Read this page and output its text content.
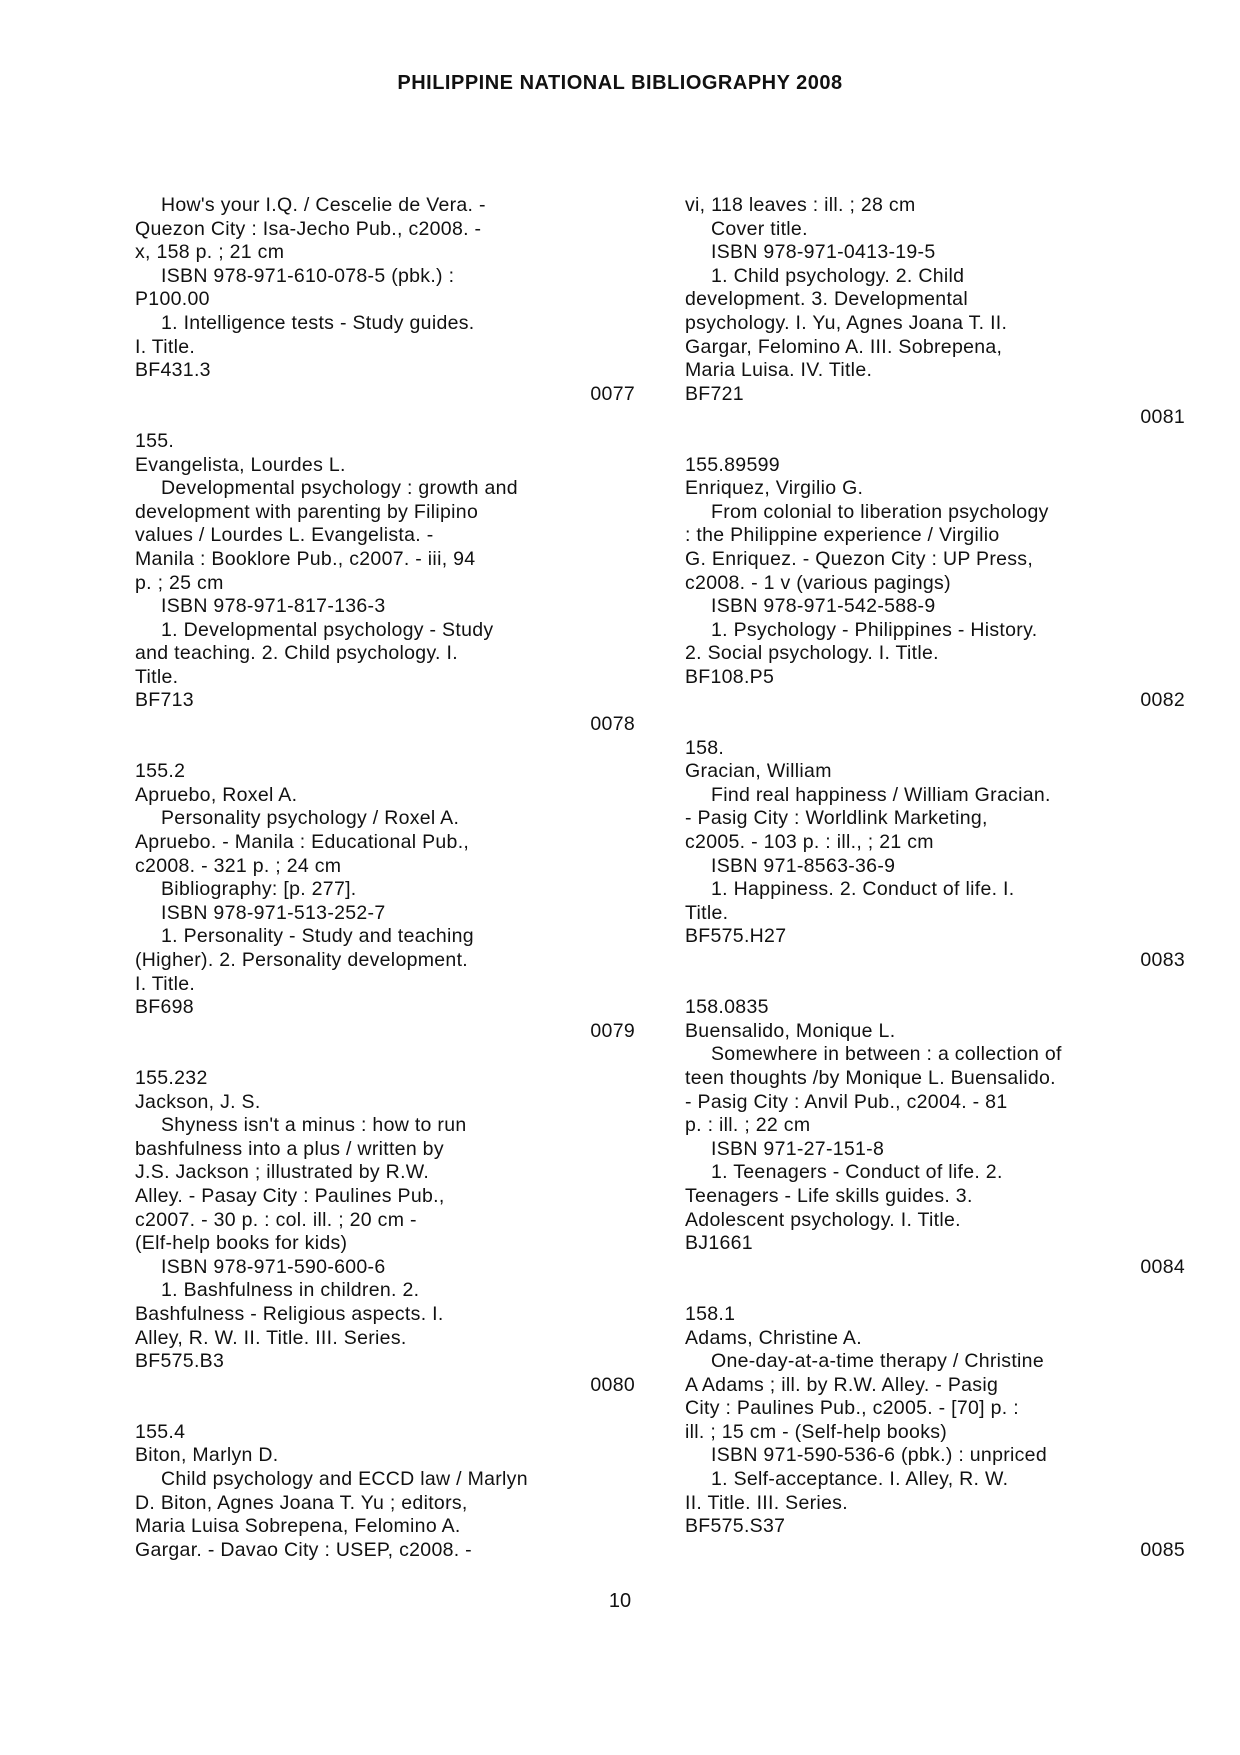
PHILIPPINE NATIONAL BIBLIOGRAPHY 2008
How's your I.Q. / Cescelie de Vera. -
Quezon City : Isa-Jecho Pub., c2008. -
x, 158 p. ; 21 cm
ISBN 978-971-610-078-5 (pbk.) :
P100.00
1. Intelligence tests - Study guides.
I. Title.
BF431.3
0077
155.
Evangelista, Lourdes L.
Developmental psychology : growth and
development with parenting by Filipino
values / Lourdes L. Evangelista. -
Manila : Booklore Pub., c2007. - iii, 94
p. ; 25 cm
ISBN 978-971-817-136-3
1. Developmental psychology - Study
and teaching. 2. Child psychology. I.
Title.
BF713
0078
155.2
Apruebo, Roxel A.
Personality psychology / Roxel A.
Apruebo. - Manila : Educational Pub.,
c2008. - 321 p. ; 24 cm
Bibliography: [p. 277].
ISBN 978-971-513-252-7
1. Personality - Study and teaching
(Higher). 2. Personality development.
I. Title.
BF698
0079
155.232
Jackson, J. S.
Shyness isn't a minus : how to run
bashfulness into a plus / written by
J.S. Jackson ; illustrated by R.W.
Alley. - Pasay City : Paulines Pub.,
c2007. - 30 p. : col. ill. ; 20 cm -
(Elf-help books for kids)
ISBN 978-971-590-600-6
1. Bashfulness in children. 2.
Bashfulness - Religious aspects. I.
Alley, R. W. II. Title. III. Series.
BF575.B3
0080
155.4
Biton, Marlyn D.
Child psychology and ECCD law / Marlyn
D. Biton, Agnes Joana T. Yu ; editors,
Maria Luisa Sobrepena, Felomino A.
Gargar. - Davao City : USEP, c2008. -
vi, 118 leaves : ill. ; 28 cm
Cover title.
ISBN 978-971-0413-19-5
1. Child psychology. 2. Child
development. 3. Developmental
psychology. I. Yu, Agnes Joana T. II.
Gargar, Felomino A. III. Sobrepena,
Maria Luisa. IV. Title.
BF721
0081
155.89599
Enriquez, Virgilio G.
From colonial to liberation psychology
: the Philippine experience / Virgilio
G. Enriquez. - Quezon City : UP Press,
c2008. - 1 v (various pagings)
ISBN 978-971-542-588-9
1. Psychology - Philippines - History.
2. Social psychology. I. Title.
BF108.P5
0082
158.
Gracian, William
Find real happiness / William Gracian.
- Pasig City : Worldlink Marketing,
c2005. - 103 p. : ill., ; 21 cm
ISBN 971-8563-36-9
1. Happiness. 2. Conduct of life. I.
Title.
BF575.H27
0083
158.0835
Buensalido, Monique L.
Somewhere in between : a collection of
teen thoughts /by Monique L. Buensalido.
- Pasig City : Anvil Pub., c2004. - 81
p. : ill. ; 22 cm
ISBN 971-27-151-8
1. Teenagers - Conduct of life. 2.
Teenagers - Life skills guides. 3.
Adolescent psychology. I. Title.
BJ1661
0084
158.1
Adams, Christine A.
One-day-at-a-time therapy / Christine
A Adams ; ill. by R.W. Alley. - Pasig
City : Paulines Pub., c2005. - [70] p. :
ill. ; 15 cm - (Self-help books)
ISBN 971-590-536-6 (pbk.) : unpriced
1. Self-acceptance. I. Alley, R. W.
II. Title. III. Series.
BF575.S37
0085
10
